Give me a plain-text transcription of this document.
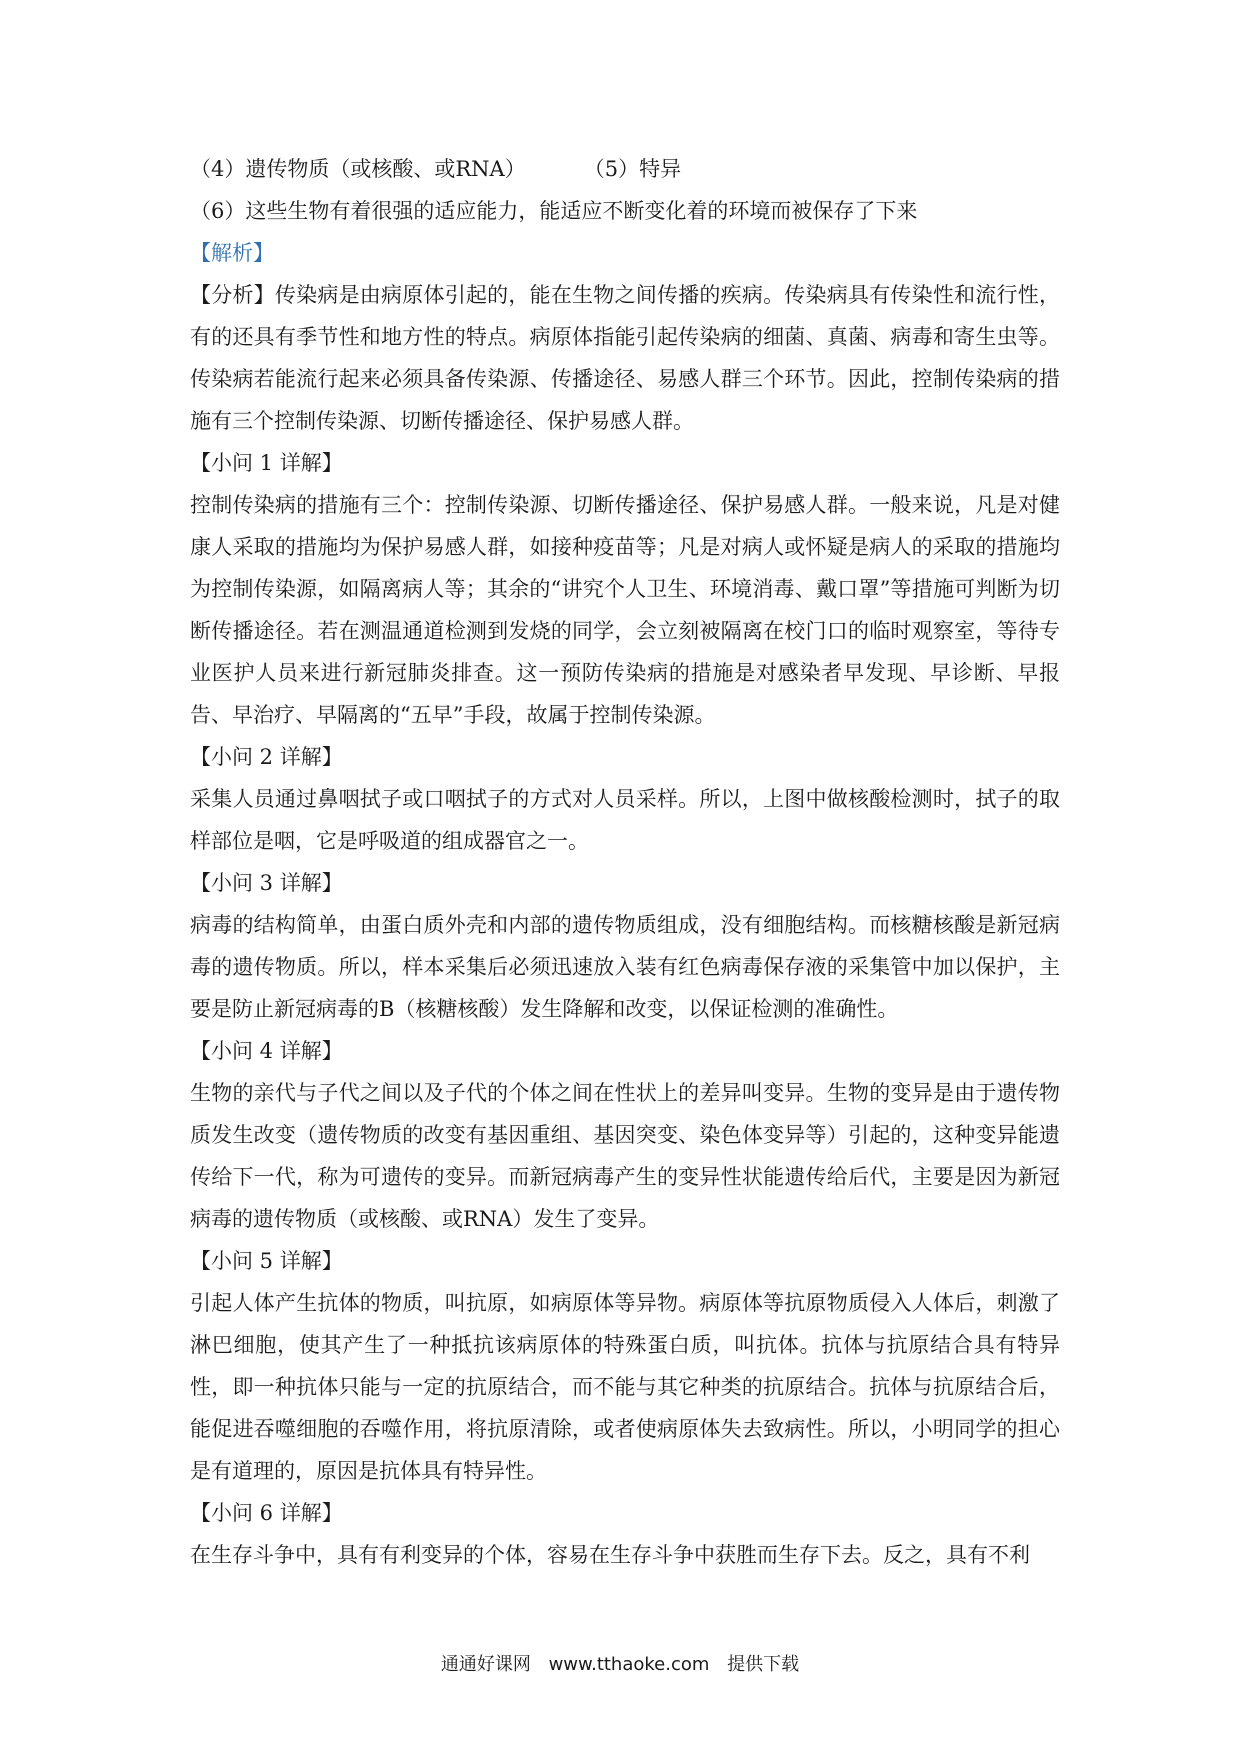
（4）遗传物质（或核酸、或RNA）	（5）特异
（6）这些生物有着很强的适应能力，能适应不断变化着的环境而被保存了下来
【解析】
【分析】传染病是由病原体引起的，能在生物之间传播的疾病。传染病具有传染性和流行性，有的还具有季节性和地方性的特点。病原体指能引起传染病的细菌、真菌、病毒和寄生虫等。传染病若能流行起来必须具备传染源、传播途径、易感人群三个环节。因此，控制传染病的措施有三个控制传染源、切断传播途径、保护易感人群。
【小问 1 详解】
控制传染病的措施有三个：控制传染源、切断传播途径、保护易感人群。一般来说，凡是对健康人采取的措施均为保护易感人群，如接种疫苗等；凡是对病人或怀疑是病人的采取的措施均为控制传染源，如隔离病人等；其余的“讲究个人卫生、环境消毒、戴口罩”等措施可判断为切断传播途径。若在测温通道检测到发烧的同学，会立刻被隔离在校门口的临时观察室，等待专业医护人员来进行新冠肺炎排查。这一预防传染病的措施是对感染者早发现、早诊断、早报告、早治疗、早隔离的“五早”手段，故属于控制传染源。
【小问 2 详解】
采集人员通过鼻咽拭子或口咽拭子的方式对人员采样。所以，上图中做核酸检测时，拭子的取样部位是咽，它是呼吸道的组成器官之一。
【小问 3 详解】
病毒的结构简单，由蛋白质外壳和内部的遗传物质组成，没有细胞结构。而核糖核酸是新冠病毒的遗传物质。所以，样本采集后必须迅速放入装有红色病毒保存液的采集管中加以保护，主要是防止新冠病毒的B（核糖核酸）发生降解和改变，以保证检测的准确性。
【小问 4 详解】
生物的亲代与子代之间以及子代的个体之间在性状上的差异叫变异。生物的变异是由于遗传物质发生改变（遗传物质的改变有基因重组、基因突变、染色体变异等）引起的，这种变异能遗传给下一代，称为可遗传的变异。而新冠病毒产生的变异性状能遗传给后代，主要是因为新冠病毒的遗传物质（或核酸、或RNA）发生了变异。
【小问 5 详解】
引起人体产生抗体的物质，叫抗原，如病原体等异物。病原体等抗原物质侵入人体后，刺激了淋巴细胞，使其产生了一种抵抗该病原体的特殊蛋白质，叫抗体。抗体与抗原结合具有特异性，即一种抗体只能与一定的抗原结合，而不能与其它种类的抗原结合。抗体与抗原结合后，能促进吞噬细胞的吞噬作用，将抗原清除，或者使病原体失去致病性。所以，小明同学的担心是有道理的，原因是抗体具有特异性。
【小问 6 详解】
在生存斗争中，具有有利变异的个体，容易在生存斗争中获胜而生存下去。反之，具有不利
通通好课网 www.tthaoke.com 提供下载
